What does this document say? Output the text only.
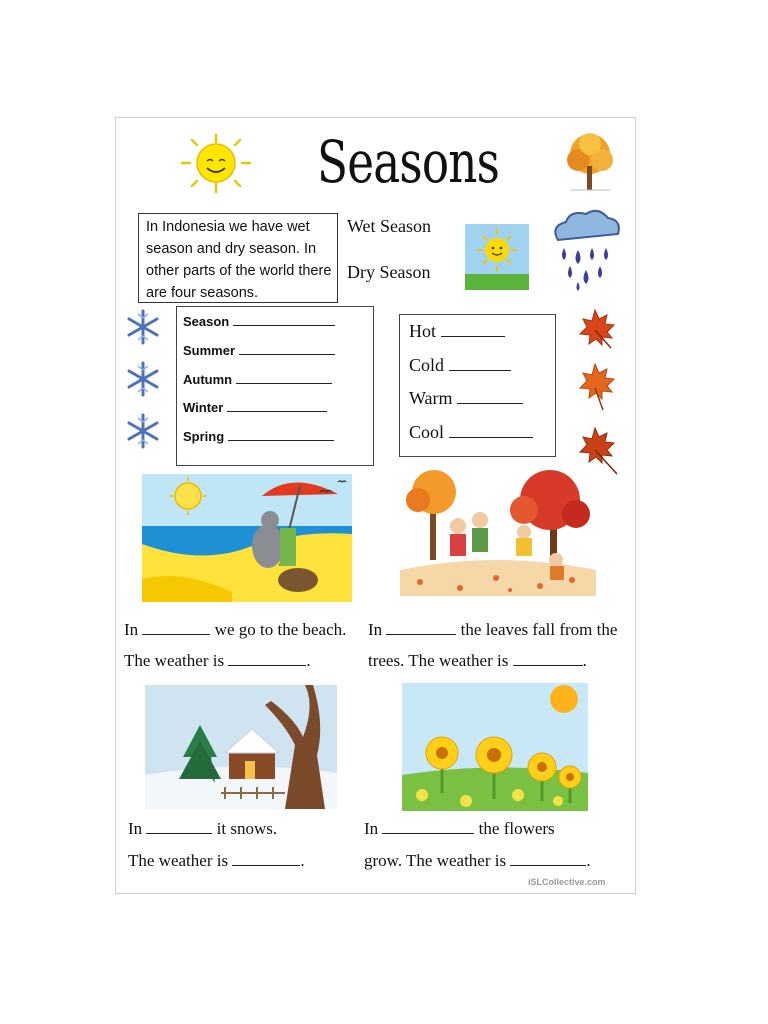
Seasons
In Indonesia we have wet season and dry season. In other parts of the world there are four seasons.
Wet Season
Dry Season
Season
Summer
Autumn
Winter
Spring
Hot
Cold
Warm
Cool
In	we go to the beach.
The weather is	.
In	the leaves fall from the
trees. The weather is	.
In	it snows.
The weather is	.
In	the flowers
grow. The weather is	.
iSLCollective.com
